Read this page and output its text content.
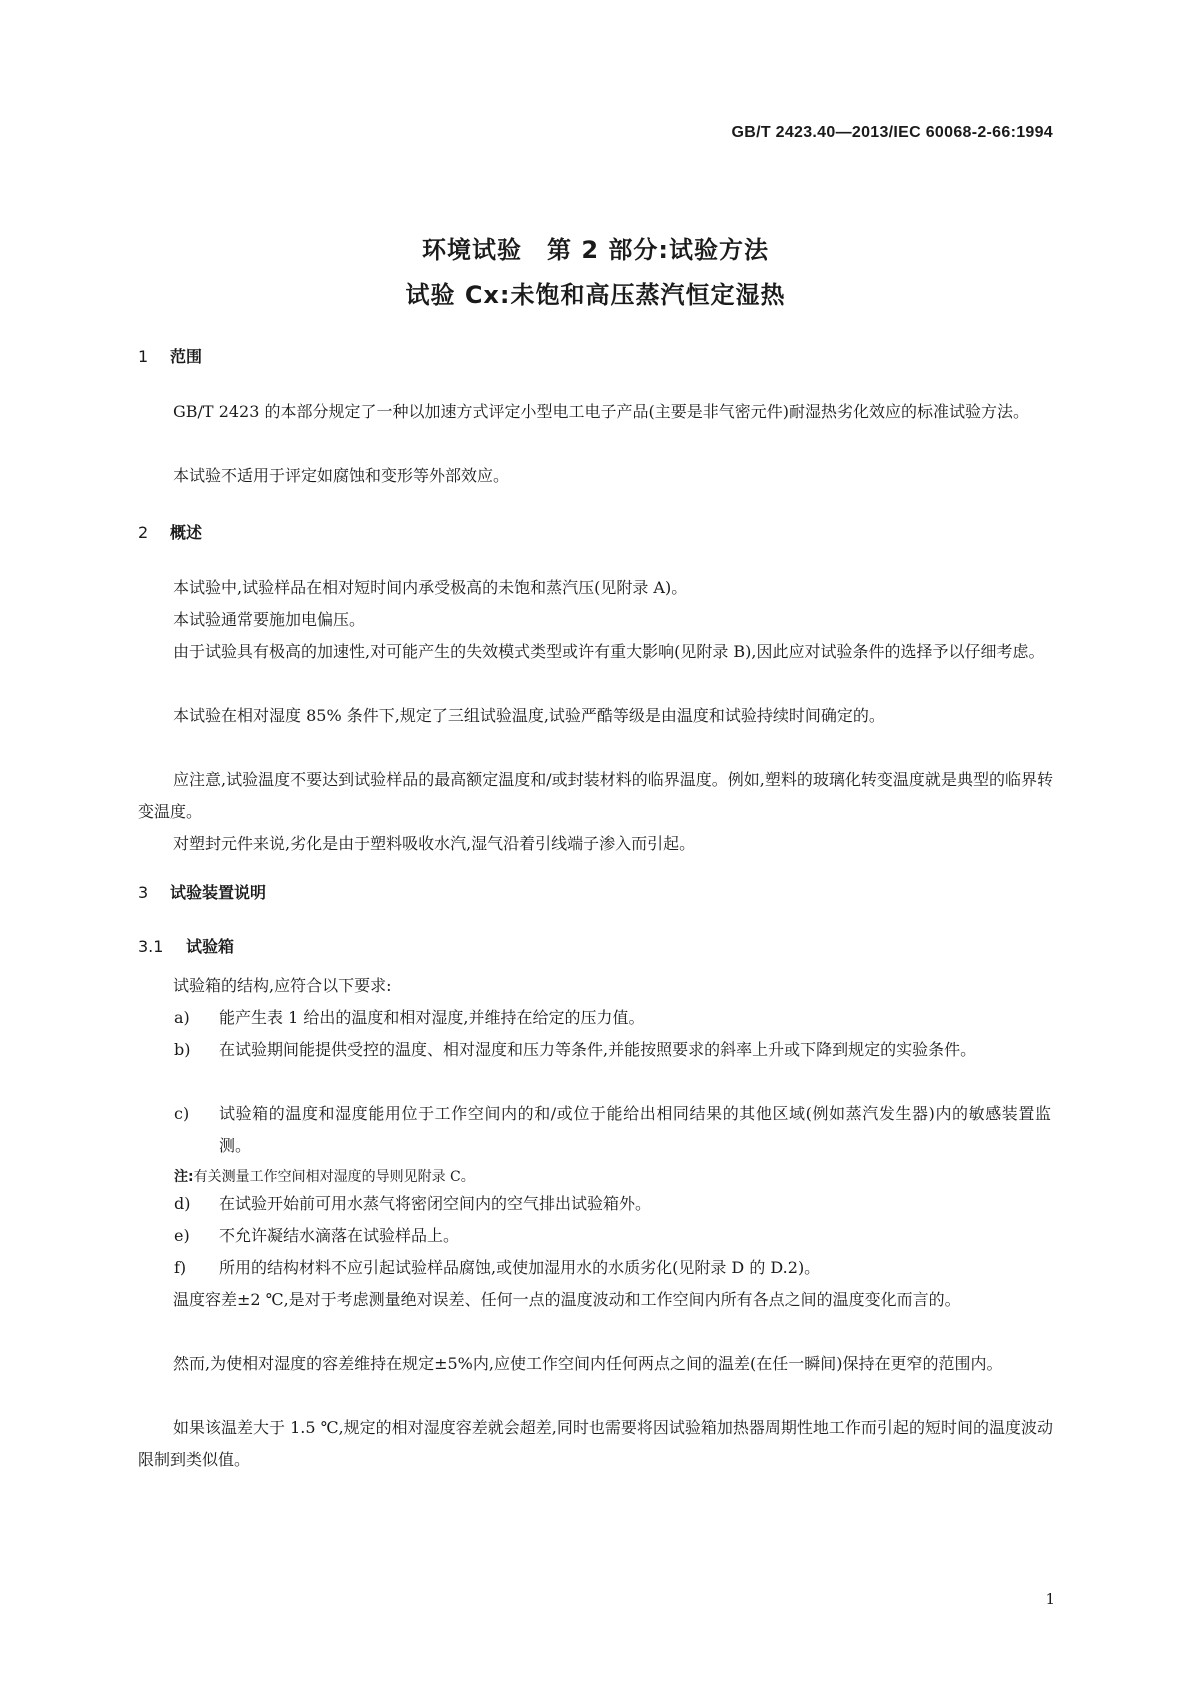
GB/T 2423.40—2013/IEC 60068-2-66:1994
环境试验　第 2 部分:试验方法
试验 Cx:未饱和高压蒸汽恒定湿热
1 范围
GB/T 2423 的本部分规定了一种以加速方式评定小型电工电子产品(主要是非气密元件)耐湿热劣化效应的标准试验方法。
本试验不适用于评定如腐蚀和变形等外部效应。
2 概述
本试验中,试验样品在相对短时间内承受极高的未饱和蒸汽压(见附录 A)。
本试验通常要施加电偏压。
由于试验具有极高的加速性,对可能产生的失效模式类型或许有重大影响(见附录 B),因此应对试验条件的选择予以仔细考虑。
本试验在相对湿度 85% 条件下,规定了三组试验温度,试验严酷等级是由温度和试验持续时间确定的。
应注意,试验温度不要达到试验样品的最高额定温度和/或封装材料的临界温度。例如,塑料的玻璃化转变温度就是典型的临界转变温度。
对塑封元件来说,劣化是由于塑料吸收水汽,湿气沿着引线端子渗入而引起。
3 试验装置说明
3.1 试验箱
试验箱的结构,应符合以下要求:
a) 能产生表 1 给出的温度和相对湿度,并维持在给定的压力值。
b) 在试验期间能提供受控的温度、相对湿度和压力等条件,并能按照要求的斜率上升或下降到规定的实验条件。
c) 试验箱的温度和湿度能用位于工作空间内的和/或位于能给出相同结果的其他区域(例如蒸汽发生器)内的敏感装置监测。
注:有关测量工作空间相对湿度的导则见附录 C。
d) 在试验开始前可用水蒸气将密闭空间内的空气排出试验箱外。
e) 不允许凝结水滴落在试验样品上。
f) 所用的结构材料不应引起试验样品腐蚀,或使加湿用水的水质劣化(见附录 D 的 D.2)。
温度容差±2 ℃,是对于考虑测量绝对误差、任何一点的温度波动和工作空间内所有各点之间的温度变化而言的。
然而,为使相对湿度的容差维持在规定±5%内,应使工作空间内任何两点之间的温差(在任一瞬间)保持在更窄的范围内。
如果该温差大于 1.5 ℃,规定的相对湿度容差就会超差,同时也需要将因试验箱加热器周期性地工作而引起的短时间的温度波动限制到类似值。
1
